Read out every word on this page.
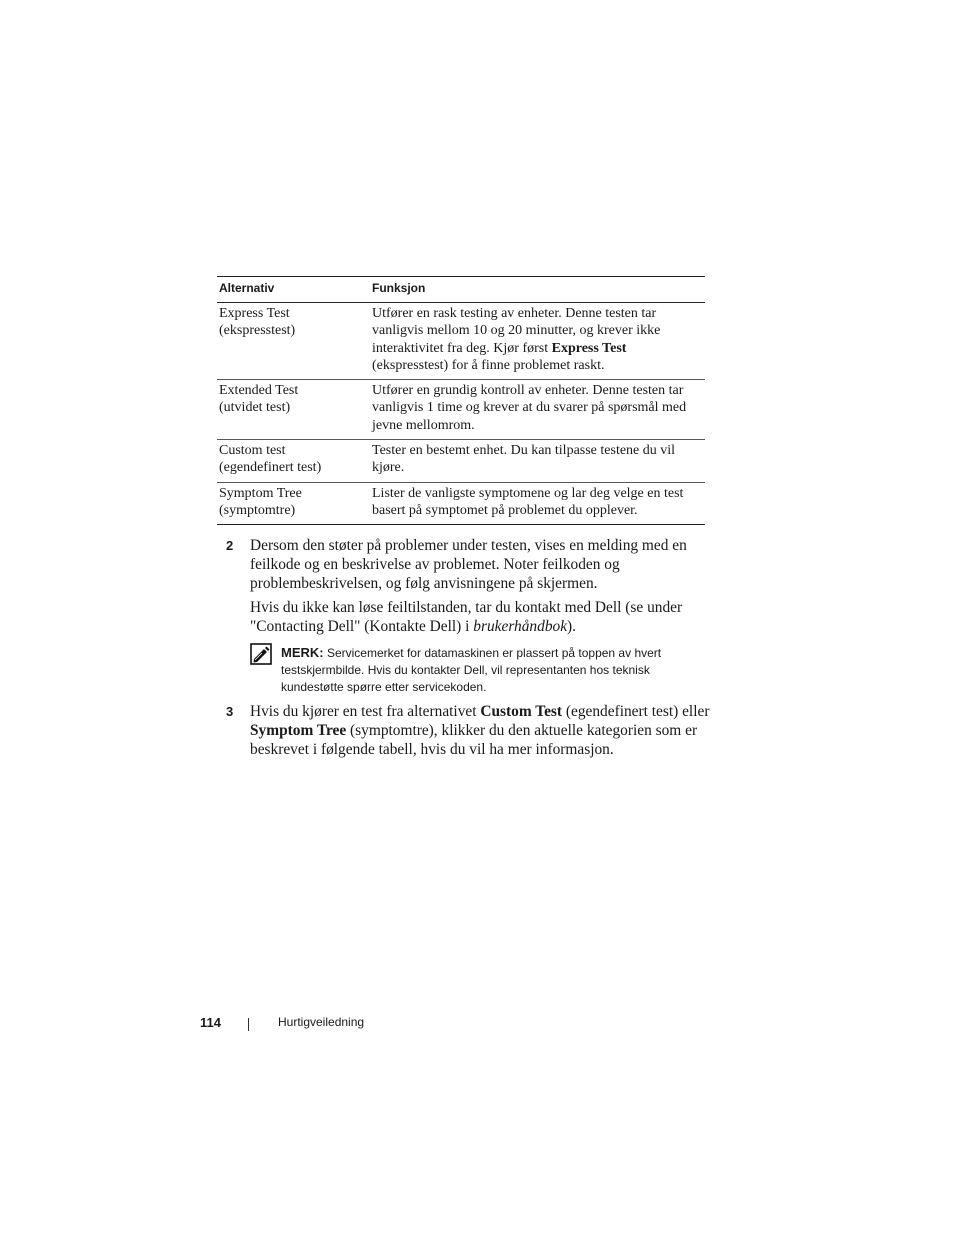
Alternativ	Funksjon
Express Test
(ekspresstest)	Utfører en rask testing av enheter. Denne testen tar vanligvis mellom 10 og 20 minutter, og krever ikke interaktivitet fra deg. Kjør først Express Test (ekspresstest) for å finne problemet raskt.
Extended Test
(utvidet test)	Utfører en grundig kontroll av enheter. Denne testen tar vanligvis 1 time og krever at du svarer på spørsmål med jevne mellomrom.
Custom test
(egendefinert test)	Tester en bestemt enhet. Du kan tilpasse testene du vil kjøre.
Symptom Tree
(symptomtre)	Lister de vanligste symptomene og lar deg velge en test basert på symptomet på problemet du opplever.
2 Dersom den støter på problemer under testen, vises en melding med en feilkode og en beskrivelse av problemet. Noter feilkoden og problembeskrivelsen, og følg anvisningene på skjermen.
Hvis du ikke kan løse feiltilstanden, tar du kontakt med Dell (se under "Contacting Dell" (Kontakte Dell) i brukerhåndbok).
MERK: Servicemerket for datamaskinen er plassert på toppen av hvert testskjermbilde. Hvis du kontakter Dell, vil representanten hos teknisk kundestøtte spørre etter servicekoden.
3 Hvis du kjører en test fra alternativet Custom Test (egendefinert test) eller Symptom Tree (symptomtre), klikker du den aktuelle kategorien som er beskrevet i følgende tabell, hvis du vil ha mer informasjon.
114	Hurtigveiledning
